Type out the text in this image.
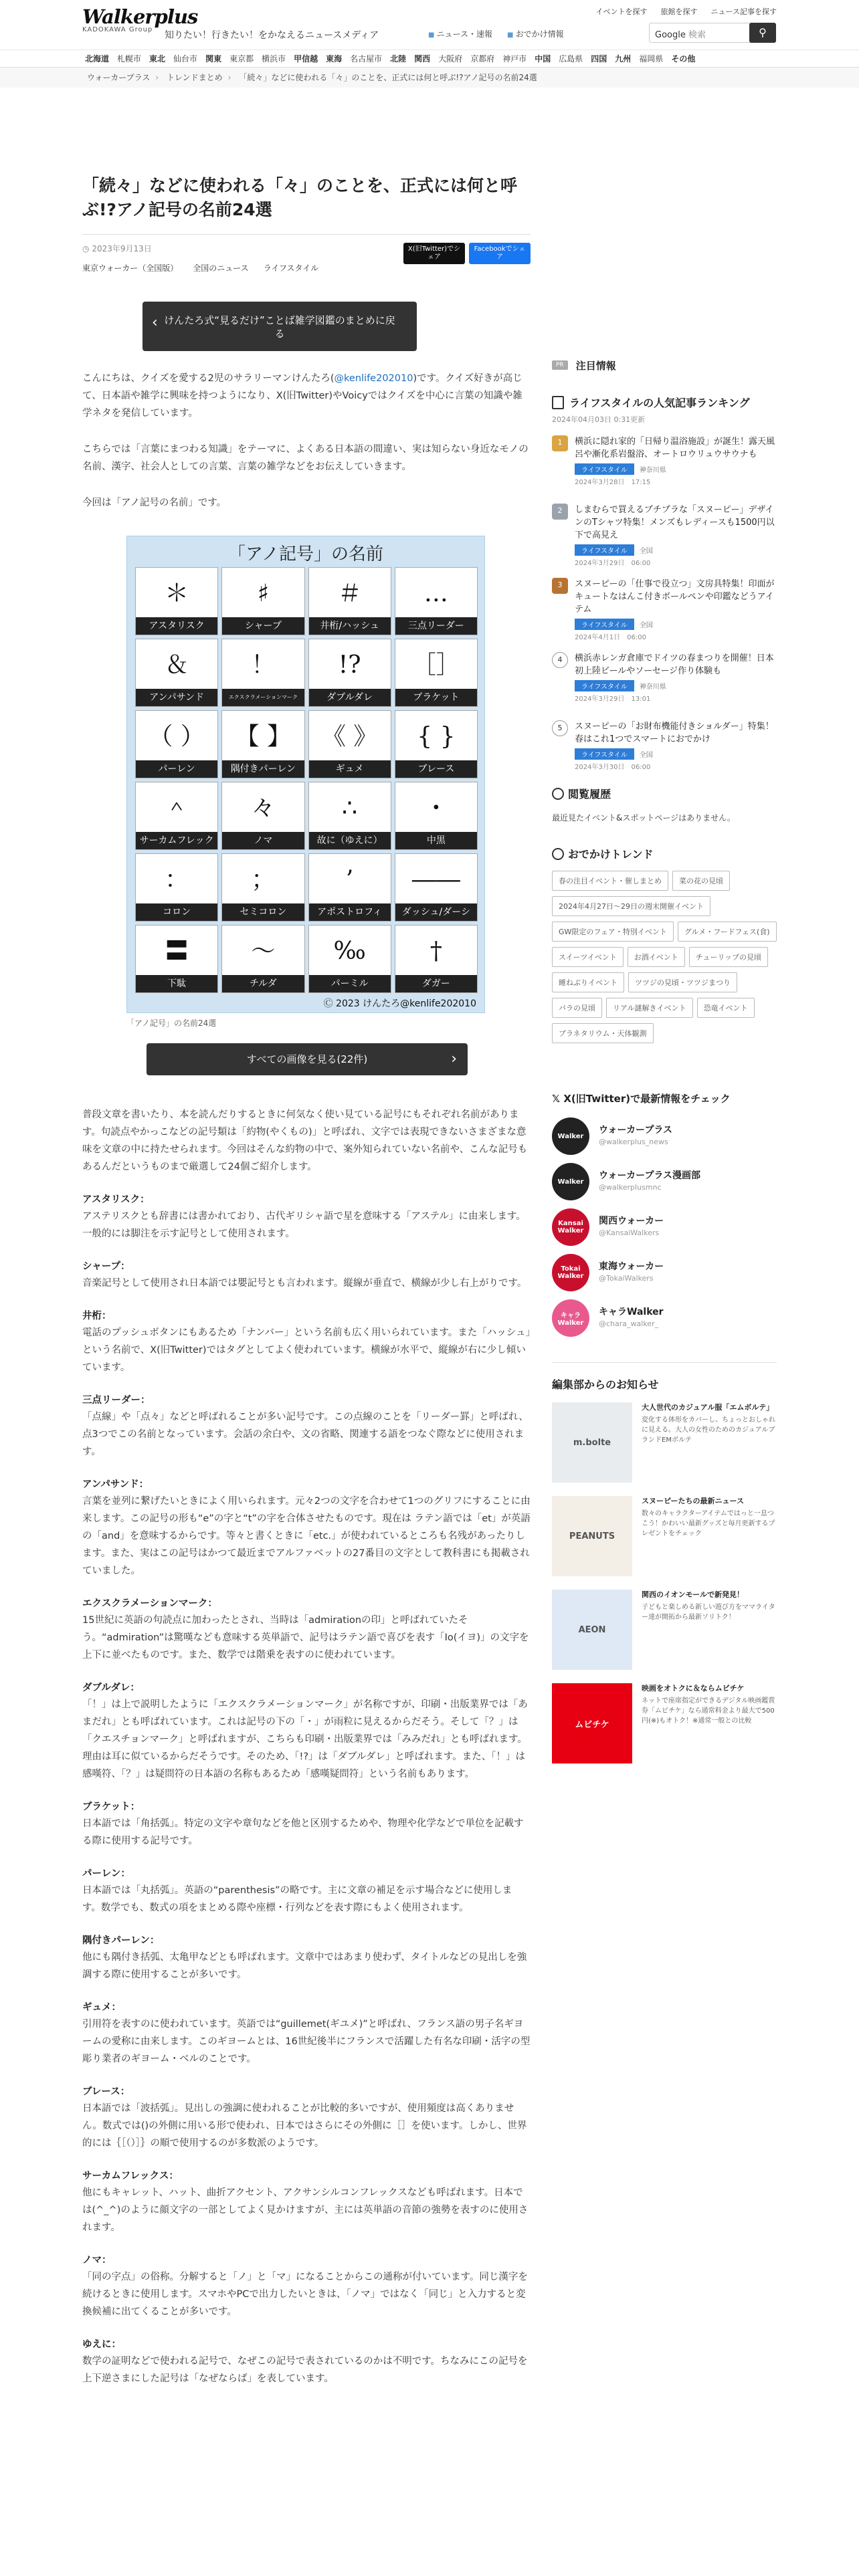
Walkerplus
KADOKAWA Group
知りたい！行きたい！をかなえるニュースメディア
イベントを探す 旅館を探す ニュース記事を探す
■ ニュース・速報
■	おでかけ情報	Google 検索	⚲
北海道 札幌市 東北 仙台市 関東 東京都 横浜市 甲信越 東海 名古屋市 北陸 関西 大阪府 京都府 神戸市 中国 広島県 四国 九州 福岡県 その他
ウォーカープラス › トレンドまとめ › 「続々」などに使われる「々」のことを、正式には何と呼ぶ!?アノ記号の名前24選
「続々」などに使われる「々」のことを、正式には何と呼ぶ!?アノ記号の名前24選
◷ 2023年9月13日
東京ウォーカー（全国版） 全国のニュース ライフスタイル
X(旧Twitter)でシェア
Facebookでシェア
‹ けんたろ式“見るだけ”ことば雑学図鑑のまとめに戻る

こんにちは、クイズを愛する2児のサラリーマンけんたろ(@kenlife202010)です。クイズ好きが高じて、日本語や雑学に興味を持つようになり、X(旧Twitter)やVoicyではクイズを中心に言葉の知識や雑学ネタを発信しています。

こちらでは「言葉にまつわる知識」をテーマに、よくある日本語の間違い、実は知らない身近なモノの名前、漢字、社会人としての言葉、言葉の雑学などをお伝えしていきます。

今回は「アノ記号の名前」です。

「アノ記号」の名前
＊
アスタリスク
♯
シャープ
＃
井桁/ハッシュ
…
三点リーダー
＆
アンパサンド
！
エクスクラメーションマーク
!?
ダブルダレ
［］
ブラケット
（ ）
パーレン
【 】
隅付きパーレン
《 》
ギュメ
{ }
ブレース
＾
サーカムフレック
々
ノマ
∴
故に（ゆえに）
・
中黒
：
コロン
；
セミコロン
’
アポストロフィ
――
ダッシュ/ダーシ
〓
下駄
～
チルダ
‰
パーミル
†
ダガー
Ⓒ 2023 けんたろ@kenlife202010
「アノ記号」の名前24選
すべての画像を見る(22件) ›

普段文章を書いたり、本を読んだりするときに何気なく使い見ている記号にもそれぞれ名前があります。句読点やかっこなどの記号類は「約物(やくもの)」と呼ばれ、文字では表現できないさまざまな意味を文章の中に持たせられます。今回はそんな約物の中で、案外知られていない名前や、こんな記号もあるんだというものまで厳選して24個ご紹介します。

アスタリスク：

アステリスクとも辞書には書かれており、古代ギリシャ語で星を意味する「アステル」に由来します。一般的には脚注を示す記号として使用されます。

シャープ：

音楽記号として使用され日本語では嬰記号とも言われます。縦線が垂直で、横線が少し右上がりです。

井桁：

電話のプッシュボタンにもあるため「ナンバー」という名前も広く用いられています。また「ハッシュ」という名前で、X(旧Twitter)ではタグとしてよく使われています。横線が水平で、縦線が右に少し傾いています。

三点リーダー：

「点線」や「点々」などと呼ばれることが多い記号です。この点線のことを「リーダー罫」と呼ばれ、点3つでこの名前となっています。会話の余白や、文の省略、関連する語をつなぐ際などに使用されます。

アンパサンド：

言葉を並列に繋げたいときによく用いられます。元々2つの文字を合わせて1つのグリフにすることに由来します。この記号の形も“e”の字と“t”の字を合体させたものです。現在は ラテン語では「et」が英語の「and」を意味するからです。等々と書くときに「etc.」が使われているところも名残があったりします。また、実はこの記号はかつて最近までアルファベットの27番目の文字として教科書にも掲載されていました。

エクスクラメーションマーク：

15世紀に英語の句読点に加わったとされ、当時は「admirationの印」と呼ばれていたそう。“admiration”は驚嘆なども意味する英単語で、記号はラテン語で喜びを表す「Io(イヨ)」の文字を上下に並べたものです。また、数学では階乗を表すのに使われています。

ダブルダレ：

「！」は上で説明したように「エクスクラメーションマーク」が名称ですが、印刷・出版業界では「あまだれ」とも呼ばれています。これは記号の下の「・」が雨粒に見えるからだそう。そして「？」は「クエスチョンマーク」と呼ばれますが、こちらも印刷・出版業界では「みみだれ」とも呼ばれます。理由は耳に似ているからだそうです。そのため、「!?」は「ダブルダレ」と呼ばれます。また、「！」は感嘆符、「？」は疑問符の日本語の名称もあるため「感嘆疑問符」という名前もあります。

ブラケット：

日本語では「角括弧」。特定の文字や章句などを他と区別するためや、物理や化学などで単位を記載する際に使用する記号です。

パーレン：

日本語では「丸括弧」。英語の“parenthesis”の略です。主に文章の補足を示す場合などに使用します。数学でも、数式の項をまとめる際や座標・行列などを表す際にもよく使用されます。

隅付きパーレン：

他にも隅付き括弧、太亀甲などとも呼ばれます。文章中ではあまり使わず、タイトルなどの見出しを強調する際に使用することが多いです。

ギュメ：

引用符を表すのに使われています。英語では“guillemet(ギユメ)”と呼ばれ、フランス語の男子名ギヨームの愛称に由来します。このギヨームとは、16世紀後半にフランスで活躍した有名な印刷・活字の型彫り業者のギヨーム・ベルのことです。

ブレース：

日本語では「波括弧」。見出しの強調に使われることが比較的多いですが、使用頻度は高くありません。数式では()の外側に用いる形で使われ、日本ではさらにその外側に［］を使います。しかし、世界的には｛［（）］｝の順で使用するのが多数派のようです。

サーカムフレックス：

他にもキャレット、ハット、曲折アクセント、アクサンシルコンフレックスなども呼ばれます。日本では(^_^)のように顔文字の一部としてよく見かけますが、主には英単語の音節の強勢を表すのに使用されます。

ノマ：

「同の字点」の俗称。分解すると「ノ」と「マ」になることからこの通称が付いています。同じ漢字を続けるときに使用します。スマホやPCで出力したいときは、「ノマ」ではなく「同じ」と入力すると変換候補に出てくることが多いです。

ゆえに：

数学の証明などで使われる記号で、なぜこの記号で表されているのかは不明です。ちなみにこの記号を上下逆さまにした記号は「なぜならば」を表しています。

PR	注目情報
ライフスタイルの人気記事ランキング
2024年04月03日 0:31更新
1	横浜に隠れ家的「日帰り温浴施設」が誕生！露天風呂や漸化系岩盤浴、オートロウリュウサウナも
ライフスタイル 神奈川県
2024年3月28日　17:15
2	しまむらで買えるプチプラな「スヌーピー」デザインのTシャツ特集！メンズもレディースも1500円以下で高見え
ライフスタイル 全国
2024年3月29日　06:00
3	スヌーピーの「仕事で役立つ」文房具特集！印面がキュートなはんこ付きボールペンや印鑑などうアイテム
ライフスタイル 全国
2024年4月1日　06:00
4	横浜赤レンガ倉庫でドイツの春まつりを開催！日本初上陸ビールやソーセージ作り体験も
ライフスタイル 神奈川県
2024年3月29日　13:01
5	スヌーピーの「お財布機能付きショルダー」特集！春はこれ1つでスマートにおでかけ
ライフスタイル 全国
2024年3月30日　06:00
閲覧履歴
最近見たイベント&スポットページはありません。
おでかけトレンド
春の注目イベント・催しまとめ	菜の花の見頃
2024年4月27日〜29日の週末開催イベント
GW限定のフェア・特別イベント	グルメ・フードフェス(食)
スイーツイベント	お酒イベント	チューリップの見頃
睡ねぶりイベント	ツツジの見頃・ツツジまつり
バラの見頃	リアル謎解きイベント	恐竜イベント
プラネタリウム・天体観測
𝕏 X(旧Twitter)で最新情報をチェック
Walker
ウォーカープラス
@walkerplus_news
Walker
ウォーカープラス漫画部
@walkerplusmnc
Kansai Walker
関西ウォーカー
@KansaiWalkers
Tokai Walker
東海ウォーカー
@TokaiWalkers
キャラ Walker
キャラWalker
@chara_walker_
編集部からのお知らせ
m.bolte
大人世代のカジュアル服「エムボルテ」
変化する体形をカバーし、ちょっとおしゃれに見える。大人の女性のためのカジュアルブランドEMボルテ
PEANUTS
スヌーピーたちの最新ニュース
数々のキャラクターアイテムではっと一息つこう！かわいい最新グッズと毎月更新するプレゼントをチェック
AEON
関西のイオンモールで新発見！
子どもと楽しめる新しい遊び方をママライター達が開拓から最新ソリトク！
ムビチケ
映画をオトクに＆ならムビチケ
ネットで座席指定ができるデジタル映画鑑賞券「ムビチケ」なら通常料金より最大で500円(※)もオトク！※通常一般との比較
